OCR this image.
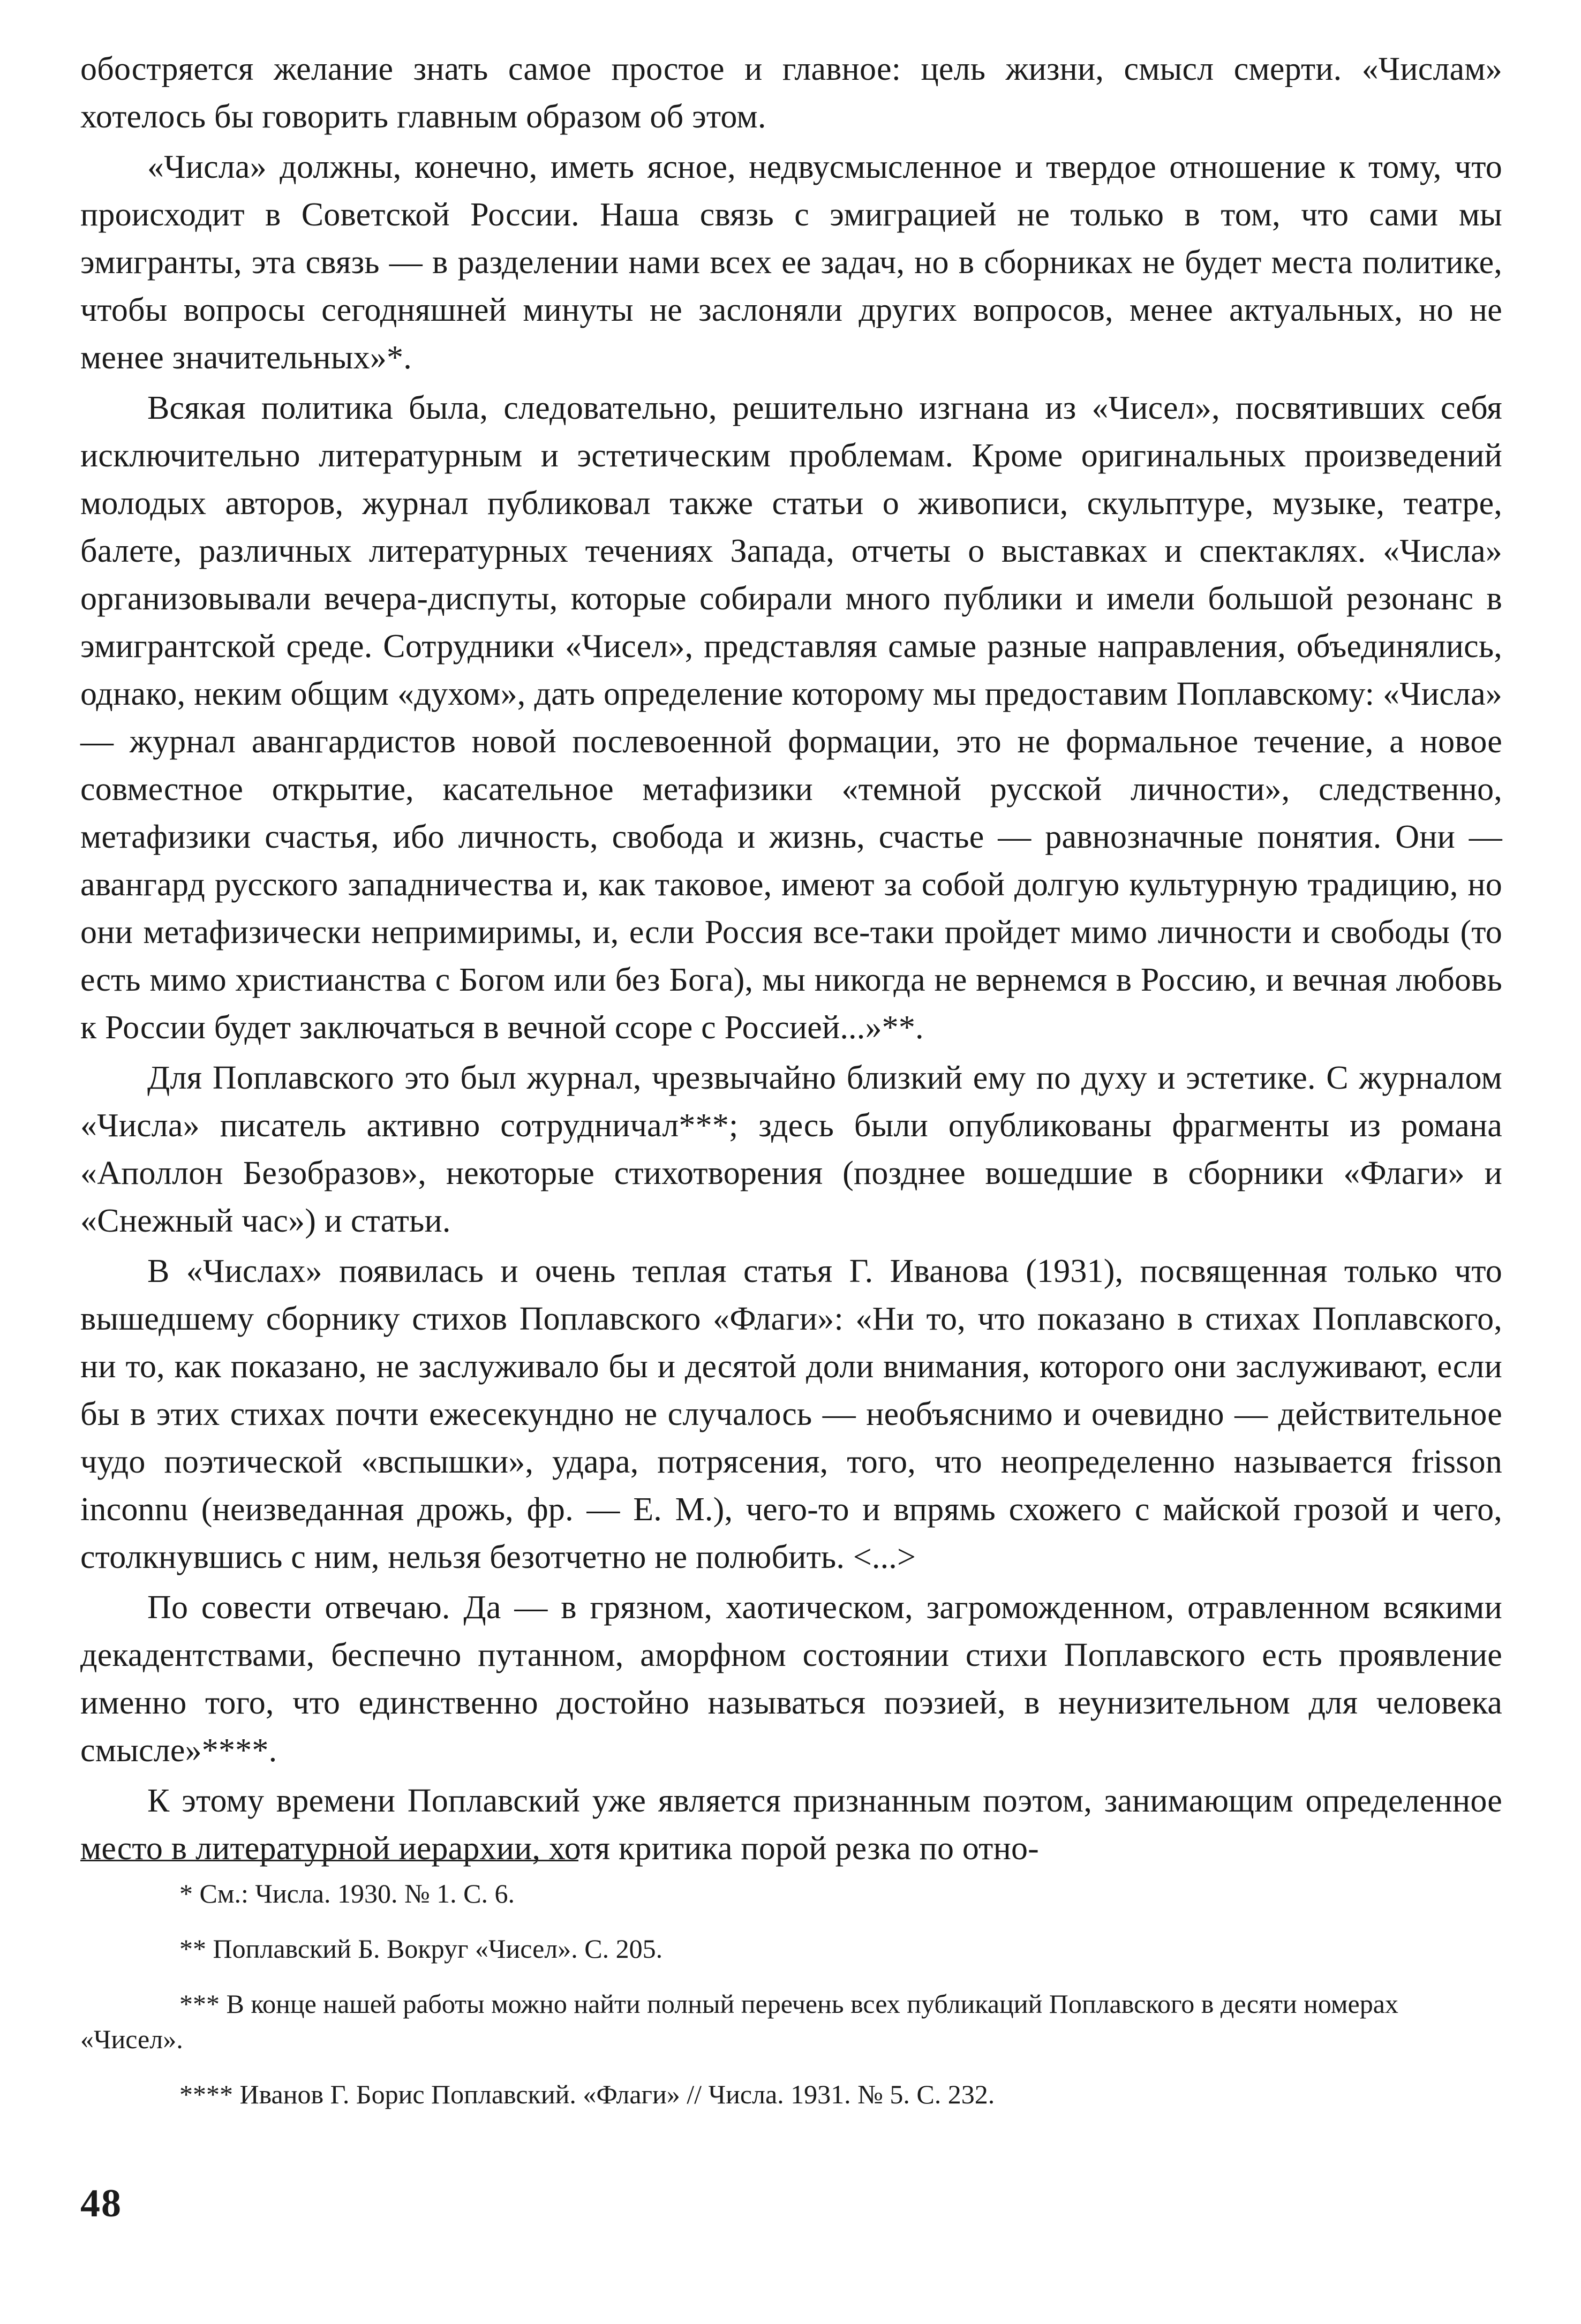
обостряется желание знать самое простое и главное: цель жизни, смысл смерти. «Числам» хотелось бы говорить главным образом об этом.

«Числа» должны, конечно, иметь ясное, недвусмысленное и твердое отношение к тому, что происходит в Советской России. Наша связь с эмиграцией не только в том, что сами мы эмигранты, эта связь — в разделении нами всех ее задач, но в сборниках не будет места политике, чтобы вопросы сегодняшней минуты не заслоняли других вопросов, менее актуальных, но не менее значительных»*.

Всякая политика была, следовательно, решительно изгнана из «Чисел», посвятивших себя исключительно литературным и эстетическим проблемам. Кроме оригинальных произведений молодых авторов, журнал публиковал также статьи о живописи, скульптуре, музыке, театре, балете, различных литературных течениях Запада, отчеты о выставках и спектаклях. «Числа» организовывали вечера-диспуты, которые собирали много публики и имели большой резонанс в эмигрантской среде. Сотрудники «Чисел», представляя самые разные направления, объединялись, однако, неким общим «духом», дать определение которому мы предоставим Поплавскому: «Числа» — журнал авангардистов новой послевоенной формации, это не формальное течение, а новое совместное открытие, касательное метафизики «темной русской личности», следственно, метафизики счастья, ибо личность, свобода и жизнь, счастье — равнозначные понятия. Они — авангард русского западничества и, как таковое, имеют за собой долгую культурную традицию, но они метафизически непримиримы, и, если Россия все-таки пройдет мимо личности и свободы (то есть мимо христианства с Богом или без Бога), мы никогда не вернемся в Россию, и вечная любовь к России будет заключаться в вечной ссоре с Россией...»**.

Для Поплавского это был журнал, чрезвычайно близкий ему по духу и эстетике. С журналом «Числа» писатель активно сотрудничал***; здесь были опубликованы фрагменты из романа «Аполлон Безобразов», некоторые стихотворения (позднее вошедшие в сборники «Флаги» и «Снежный час») и статьи.

В «Числах» появилась и очень теплая статья Г. Иванова (1931), посвященная только что вышедшему сборнику стихов Поплавского «Флаги»: «Ни то, что показано в стихах Поплавского, ни то, как показано, не заслуживало бы и десятой доли внимания, которого они заслуживают, если бы в этих стихах почти ежесекундно не случалось — необъяснимо и очевидно — действительное чудо поэтической «вспышки», удара, потрясения, того, что неопределенно называется frisson inconnu (неизведанная дрожь, фр. — Е. М.), чего-то и впрямь схожего с майской грозой и чего, столкнувшись с ним, нельзя безотчетно не полюбить. <...>

По совести отвечаю. Да — в грязном, хаотическом, загроможденном, отравленном всякими декадентствами, беспечно путанном, аморфном состоянии стихи Поплавского есть проявление именно того, что единственно достойно называться поэзией, в неунизительном для человека смысле»****.

К этому времени Поплавский уже является признанным поэтом, занимающим определенное место в литературной иерархии, хотя критика порой резка по отно-

* См.: Числа. 1930. № 1. С. 6.

** Поплавский Б. Вокруг «Чисел». С. 205.

*** В конце нашей работы можно найти полный перечень всех публикаций Поплавского в десяти номерах «Чисел».

**** Иванов Г. Борис Поплавский. «Флаги» // Числа. 1931. № 5. С. 232.

48
